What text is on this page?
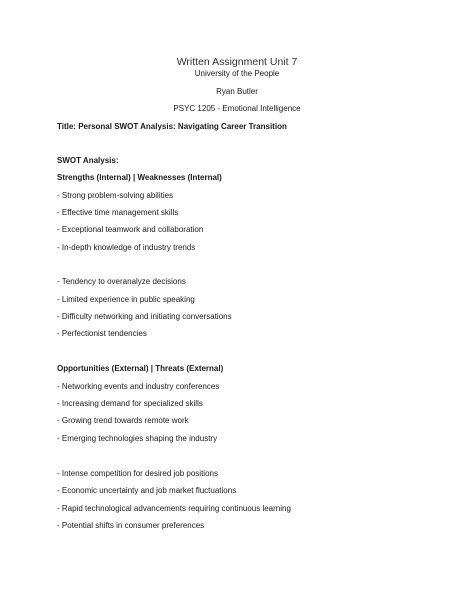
Written Assignment Unit 7
University of the People
Ryan Butler
PSYC 1205 - Emotional Intelligence
Title: Personal SWOT Analysis: Navigating Career Transition
SWOT Analysis:
Strengths (Internal) | Weaknesses (Internal)
- Strong problem-solving abilities
- Effective time management skills
- Exceptional teamwork and collaboration
- In-depth knowledge of industry trends
- Tendency to overanalyze decisions
- Limited experience in public speaking
- Difficulty networking and initiating conversations
- Perfectionist tendencies
Opportunities (External) | Threats (External)
- Networking events and industry conferences
- Increasing demand for specialized skills
- Growing trend towards remote work
- Emerging technologies shaping the industry
- Intense competition for desired job positions
- Economic uncertainty and job market fluctuations
- Rapid technological advancements requiring continuous learning
- Potential shifts in consumer preferences
